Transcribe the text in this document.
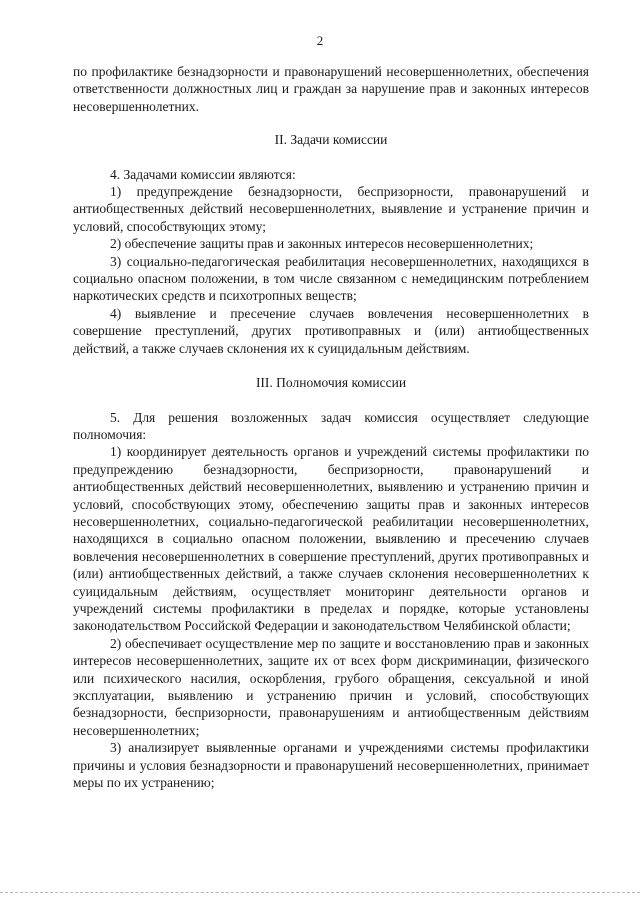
2

по профилактике безнадзорности и правонарушений несовершеннолетних, обеспечения ответственности должностных лиц и граждан за нарушение прав и законных интересов несовершеннолетних.

II. Задачи комиссии

4. Задачами комиссии являются:

1) предупреждение безнадзорности, беспризорности, правонарушений и антиобщественных действий несовершеннолетних, выявление и устранение причин и условий, способствующих этому;

2) обеспечение защиты прав и законных интересов несовершеннолетних;

3) социально-педагогическая реабилитация несовершеннолетних, находящихся в социально опасном положении, в том числе связанном с немедицинским потреблением наркотических средств и психотропных веществ;

4) выявление и пресечение случаев вовлечения несовершеннолетних в совершение преступлений, других противоправных и (или) антиобщественных действий, а также случаев склонения их к суицидальным действиям.

III. Полномочия комиссии

5. Для решения возложенных задач комиссия осуществляет следующие полномочия:

1) координирует деятельность органов и учреждений системы профилактики по предупреждению безнадзорности, беспризорности, правонарушений и антиобщественных действий несовершеннолетних, выявлению и устранению причин и условий, способствующих этому, обеспечению защиты прав и законных интересов несовершеннолетних, социально-педагогической реабилитации несовершеннолетних, находящихся в социально опасном положении, выявлению и пресечению случаев вовлечения несовершеннолетних в совершение преступлений, других противоправных и (или) антиобщественных действий, а также случаев склонения несовершеннолетних к суицидальным действиям, осуществляет мониторинг деятельности органов и учреждений системы профилактики в пределах и порядке, которые установлены законодательством Российской Федерации и законодательством Челябинской области;

2) обеспечивает осуществление мер по защите и восстановлению прав и законных интересов несовершеннолетних, защите их от всех форм дискриминации, физического или психического насилия, оскорбления, грубого обращения, сексуальной и иной эксплуатации, выявлению и устранению причин и условий, способствующих безнадзорности, беспризорности, правонарушениям и антиобщественным действиям несовершеннолетних;

3) анализирует выявленные органами и учреждениями системы профилактики причины и условия безнадзорности и правонарушений несовершеннолетних, принимает меры по их устранению;
